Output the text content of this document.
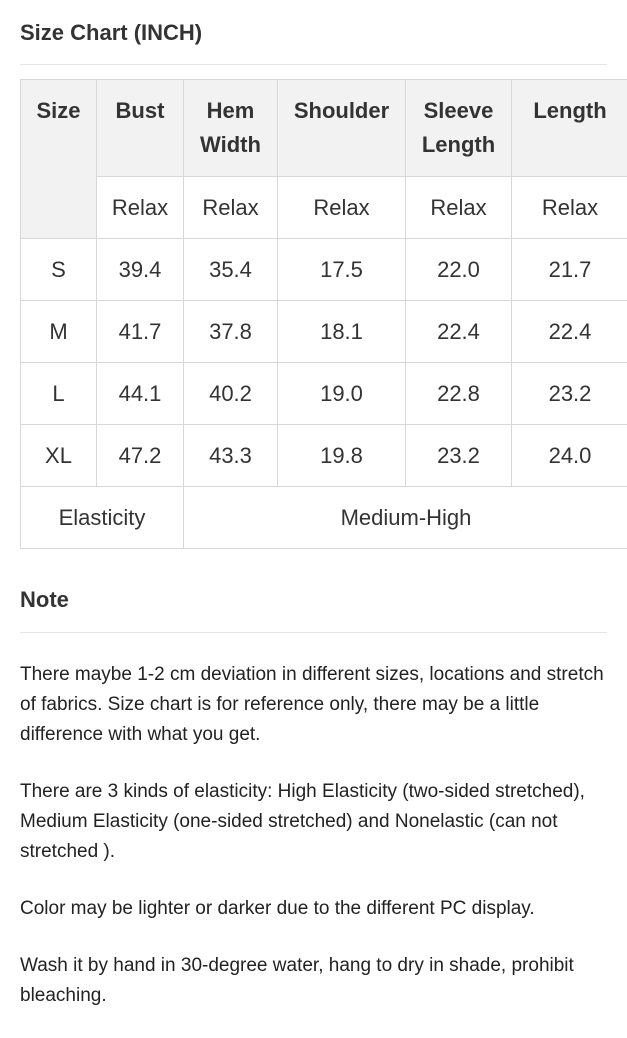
Size Chart (INCH)
Size	Bust	Hem Width	Shoulder	Sleeve Length	Length
	Relax	Relax	Relax	Relax	Relax
S	39.4	35.4	17.5	22.0	21.7
M	41.7	37.8	18.1	22.4	22.4
L	44.1	40.2	19.0	22.8	23.2
XL	47.2	43.3	19.8	23.2	24.0
Elasticity		Medium-High			
Note

There maybe 1-2 cm deviation in different sizes, locations and stretch of fabrics. Size chart is for reference only, there may be a little difference with what you get.

There are 3 kinds of elasticity: High Elasticity (two-sided stretched), Medium Elasticity (one-sided stretched) and Nonelastic (can not stretched ).

Color may be lighter or darker due to the different PC display.

Wash it by hand in 30-degree water, hang to dry in shade, prohibit bleaching.
